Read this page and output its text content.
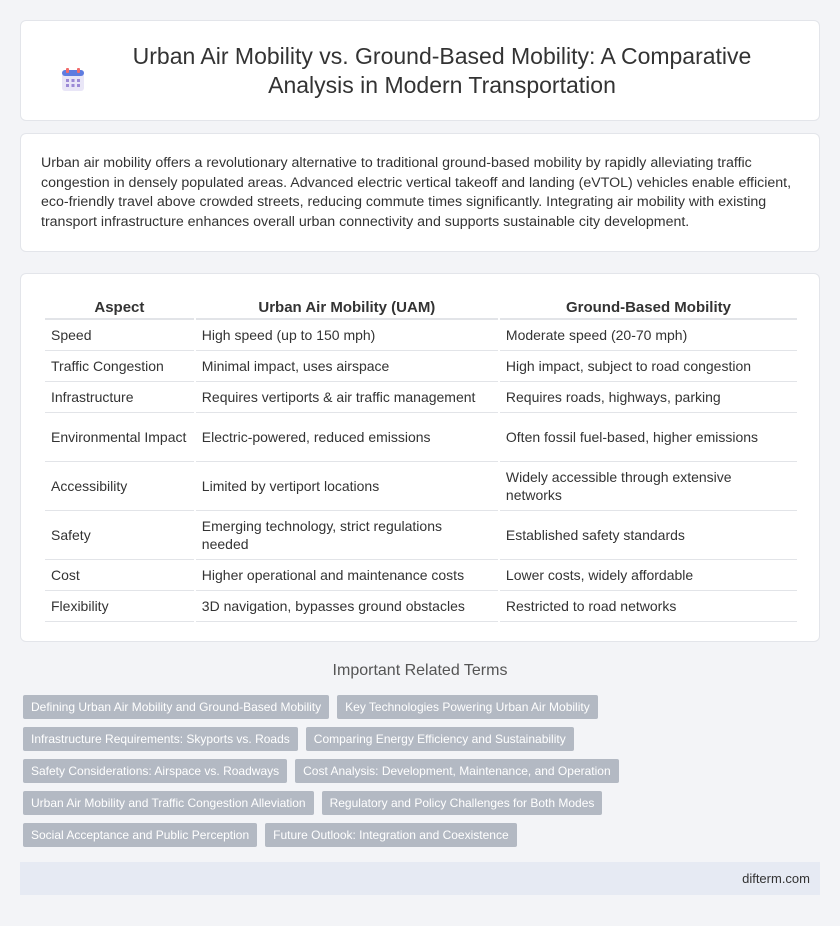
Urban Air Mobility vs. Ground-Based Mobility: A Comparative Analysis in Modern Transportation

Urban air mobility offers a revolutionary alternative to traditional ground-based mobility by rapidly alleviating traffic congestion in densely populated areas. Advanced electric vertical takeoff and landing (eVTOL) vehicles enable efficient, eco-friendly travel above crowded streets, reducing commute times significantly. Integrating air mobility with existing transport infrastructure enhances overall urban connectivity and supports sustainable city development.

Aspect	Urban Air Mobility (UAM)	Ground-Based Mobility
Speed	High speed (up to 150 mph)	Moderate speed (20-70 mph)
Traffic Congestion	Minimal impact, uses airspace	High impact, subject to road congestion
Infrastructure	Requires vertiports & air traffic management	Requires roads, highways, parking
Environmental Impact	Electric-powered, reduced emissions	Often fossil fuel-based, higher emissions
Accessibility	Limited by vertiport locations	Widely accessible through extensive networks
Safety	Emerging technology, strict regulations needed	Established safety standards
Cost	Higher operational and maintenance costs	Lower costs, widely affordable
Flexibility	3D navigation, bypasses ground obstacles	Restricted to road networks
Important Related Terms
Defining Urban Air Mobility and Ground-Based Mobility	Key Technologies Powering Urban Air Mobility
Infrastructure Requirements: Skyports vs. Roads	Comparing Energy Efficiency and Sustainability
Safety Considerations: Airspace vs. Roadways	Cost Analysis: Development, Maintenance, and Operation
Urban Air Mobility and Traffic Congestion Alleviation	Regulatory and Policy Challenges for Both Modes
Social Acceptance and Public Perception	Future Outlook: Integration and Coexistence
difterm.com
